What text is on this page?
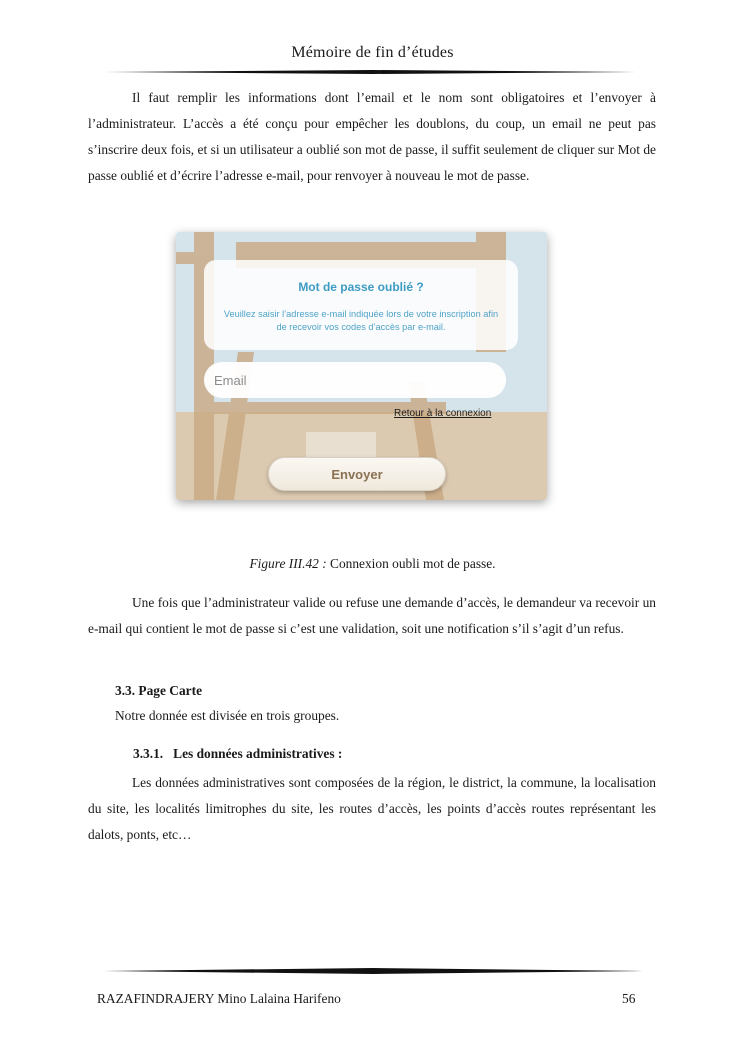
Mémoire de fin d’études

Il faut remplir les informations dont l’email et le nom sont obligatoires et l’envoyer à l’administrateur. L’accès a été conçu pour empêcher les doublons, du coup, un email ne peut pas s’inscrire deux fois, et si un utilisateur a oublié son mot de passe, il suffit seulement de cliquer sur Mot de passe oublié et d’écrire l’adresse e-mail, pour renvoyer à nouveau le mot de passe.

Mot de passe oublié ?
Veuillez saisir l’adresse e-mail indiquée lors de votre inscription afin de recevoir vos codes d’accès par e-mail.
Email
Retour à la connexion
Envoyer
Figure III.42 : Connexion oubli mot de passe.

Une fois que l’administrateur valide ou refuse une demande d’accès, le demandeur va recevoir un e-mail qui contient le mot de passe si c’est une validation, soit une notification s’il s’agit d’un refus.

3.3. Page Carte

Notre donnée est divisée en trois groupes.

3.3.1. Les données administratives :

Les données administratives sont composées de la région, le district, la commune, la localisation du site, les localités limitrophes du site, les routes d’accès, les points d’accès routes représentant les dalots, ponts, etc…

RAZAFINDRAJERY Mino Lalaina Harifeno	56
